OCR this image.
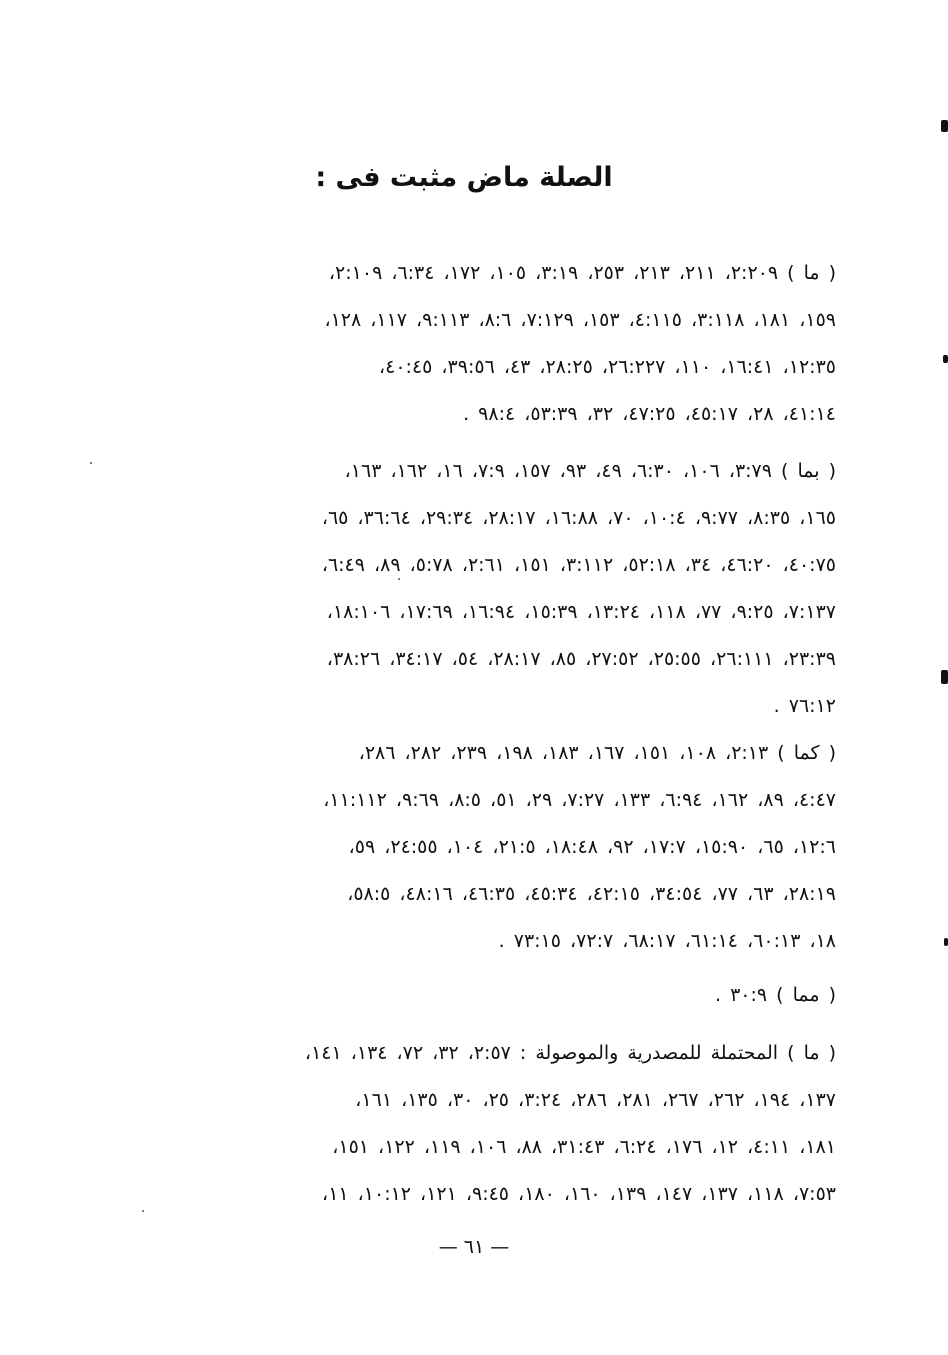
الصلة ماض مثبت فى :
( ما ) ٢:٢٠٩، ٢١١، ٢١٣، ٢٥٣، ٣:١٩، ١٠٥، ١٧٢، ٦:٣٤، ٢:١٠٩،
١٥٩، ١٨١، ٣:١١٨، ٤:١١٥، ١٥٣، ٧:١٢٩، ٨:٦، ٩:١١٣، ١١٧، ١٢٨،
١٢:٣٥، ١٦:٤١، ١١٠، ٢٦:٢٢٧، ٢٨:٢٥، ٤٣، ٣٩:٥٦، ٤٠:٤٥،
٤١:١٤، ٢٨، ٤٥:١٧، ٤٧:٢٥، ٣٢، ٥٣:٣٩، ٩٨:٤ .
( بما ) ٣:٧٩، ١٠٦، ٦:٣٠، ٤٩، ٩٣، ١٥٧، ٧:٩، ١٦، ١٦٢، ١٦٣،
١٦٥، ٨:٣٥، ٩:٧٧، ١٠:٤، ٧٠، ١٦:٨٨، ٢٨:١٧، ٢٩:٣٤، ٣٦:٦٤، ٦٥،
٤٠:٧٥، ٤٦:٢٠، ٣٤، ٥٢:١٨، ٣:١١٢، ١٥١، ٢:٦١، ٥:٧٨، ٨٩، ٦:٤٩،
٧:١٣٧، ٩:٢٥، ٧٧، ١١٨، ١٣:٢٤، ١٥:٣٩، ١٦:٩٤، ١٧:٦٩، ١٨:١٠٦،
٢٣:٣٩، ٢٦:١١١، ٢٥:٥٥، ٢٧:٥٢، ٨٥، ٢٨:١٧، ٥٤، ٣٤:١٧، ٣٨:٢٦،
٧٦:١٢ .
( كما ) ٢:١٣، ١٠٨، ١٥١، ١٦٧، ١٨٣، ١٩٨، ٢٣٩، ٢٨٢، ٢٨٦،
٤:٤٧، ٨٩، ١٦٢، ٦:٩٤، ١٣٣، ٧:٢٧، ٢٩، ٥١، ٨:٥، ٩:٦٩، ١١:١١٢،
١٢:٦، ٦٥، ١٥:٩٠، ١٧:٧، ٩٢، ١٨:٤٨، ٢١:٥، ١٠٤، ٢٤:٥٥، ٥٩،
٢٨:١٩، ٦٣، ٧٧، ٣٤:٥٤، ٤٢:١٥، ٤٥:٣٤، ٤٦:٣٥، ٤٨:١٦، ٥٨:٥،
١٨، ٦٠:١٣، ٦١:١٤، ٦٨:١٧، ٧٢:٧، ٧٣:١٥ .
( مما ) ٣٠:٩ .
( ما ) المحتملة للمصدرية والموصولة : ٢:٥٧، ٣٢، ٧٢، ١٣٤، ١٤١،
١٣٧، ١٩٤، ٢٦٢، ٢٦٧، ٢٨١، ٢٨٦، ٣:٢٤، ٢٥، ٣٠، ١٣٥، ١٦١،
١٨١، ٤:١١، ١٢، ١٧٦، ٦:٢٤، ٣١:٤٣، ٨٨، ١٠٦، ١١٩، ١٢٢، ١٥١،
٧:٥٣، ١١٨، ١٣٧، ١٤٧، ١٣٩، ١٦٠، ١٨٠، ٩:٤٥، ١٢١، ١٠:١٢، ١١،
— ٦١ —
